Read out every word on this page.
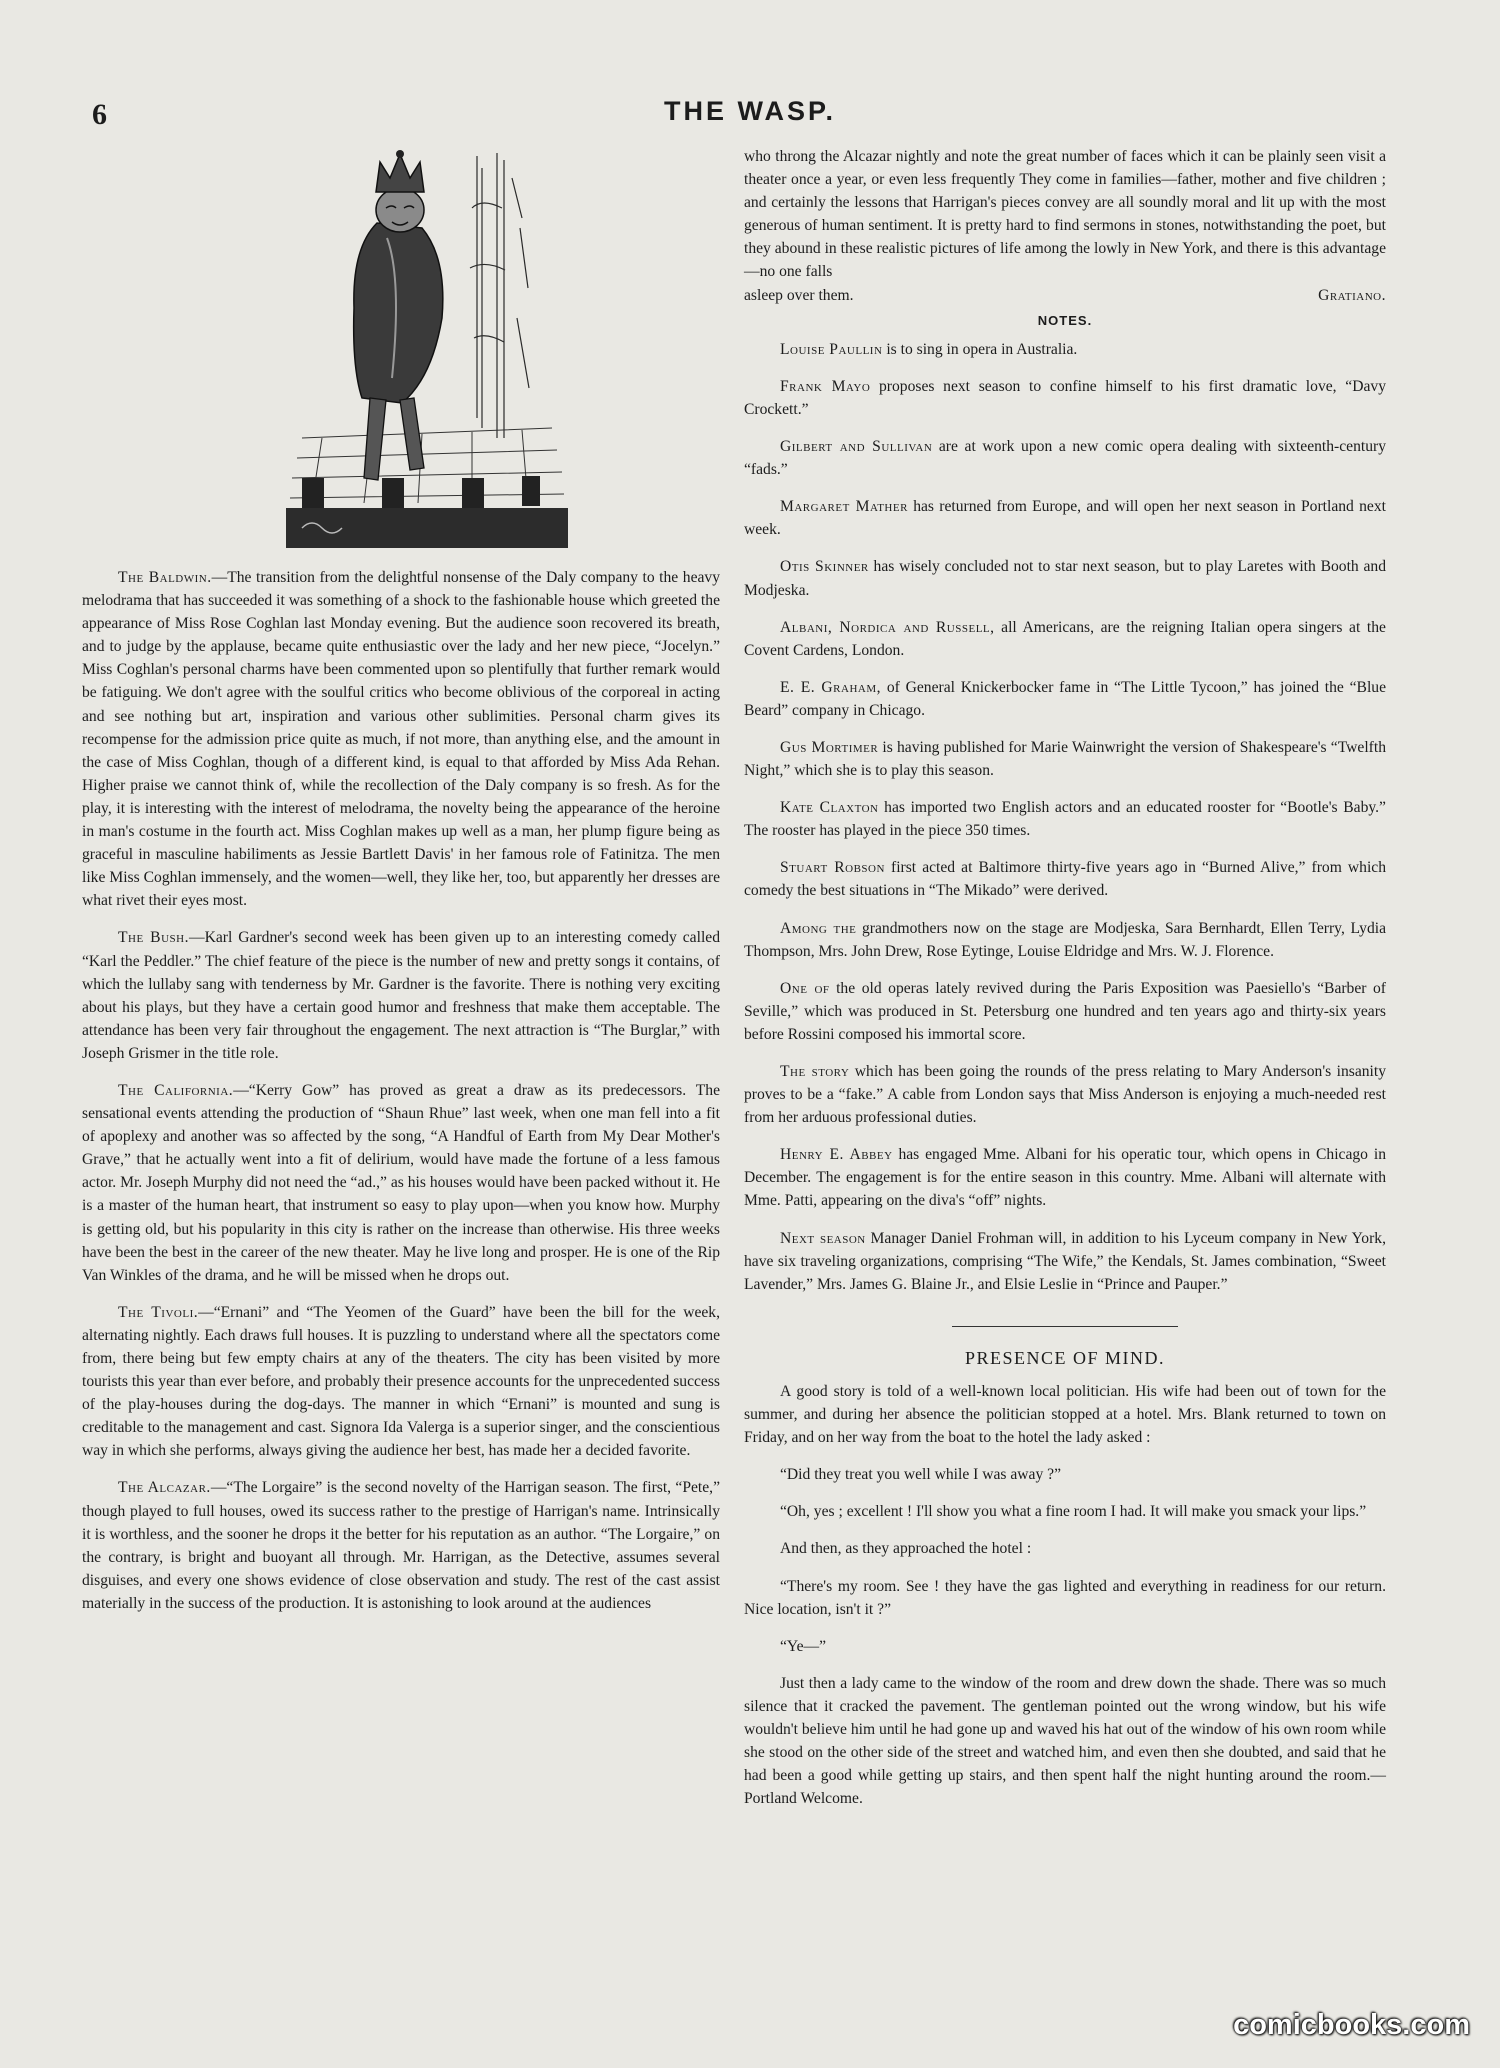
6	THE WASP.

The Baldwin.—The transition from the delightful nonsense of the Daly company to the heavy melodrama that has succeeded it was something of a shock to the fashionable house which greeted the appearance of Miss Rose Coghlan last Monday evening. But the audience soon recovered its breath, and to judge by the applause, became quite enthusiastic over the lady and her new piece, “Jocelyn.” Miss Coghlan's personal charms have been commented upon so plentifully that further remark would be fatiguing. We don't agree with the soulful critics who become oblivious of the corporeal in acting and see nothing but art, inspiration and various other sublimities. Personal charm gives its recompense for the admission price quite as much, if not more, than anything else, and the amount in the case of Miss Coghlan, though of a different kind, is equal to that afforded by Miss Ada Rehan. Higher praise we cannot think of, while the recollection of the Daly company is so fresh. As for the play, it is interesting with the interest of melodrama, the novelty being the appearance of the heroine in man's costume in the fourth act. Miss Coghlan makes up well as a man, her plump figure being as graceful in masculine habiliments as Jessie Bartlett Davis' in her famous role of Fatinitza. The men like Miss Coghlan immensely, and the women—well, they like her, too, but apparently her dresses are what rivet their eyes most.

The Bush.—Karl Gardner's second week has been given up to an interesting comedy called “Karl the Peddler.” The chief feature of the piece is the number of new and pretty songs it contains, of which the lullaby sang with tenderness by Mr. Gardner is the favorite. There is nothing very exciting about his plays, but they have a certain good humor and freshness that make them acceptable. The attendance has been very fair throughout the engagement. The next attraction is “The Burglar,” with Joseph Grismer in the title role.

The California.—“Kerry Gow” has proved as great a draw as its predecessors. The sensational events attending the production of “Shaun Rhue” last week, when one man fell into a fit of apoplexy and another was so affected by the song, “A Handful of Earth from My Dear Mother's Grave,” that he actually went into a fit of delirium, would have made the fortune of a less famous actor. Mr. Joseph Murphy did not need the “ad.,” as his houses would have been packed without it. He is a master of the human heart, that instrument so easy to play upon—when you know how. Murphy is getting old, but his popularity in this city is rather on the increase than otherwise. His three weeks have been the best in the career of the new theater. May he live long and prosper. He is one of the Rip Van Winkles of the drama, and he will be missed when he drops out.

The Tivoli.—“Ernani” and “The Yeomen of the Guard” have been the bill for the week, alternating nightly. Each draws full houses. It is puzzling to understand where all the spectators come from, there being but few empty chairs at any of the theaters. The city has been visited by more tourists this year than ever before, and probably their presence accounts for the unprecedented success of the play-houses during the dog-days. The manner in which “Ernani” is mounted and sung is creditable to the management and cast. Signora Ida Valerga is a superior singer, and the conscientious way in which she performs, always giving the audience her best, has made her a decided favorite.

The Alcazar.—“The Lorgaire” is the second novelty of the Harrigan season. The first, “Pete,” though played to full houses, owed its success rather to the prestige of Harrigan's name. Intrinsically it is worthless, and the sooner he drops it the better for his reputation as an author. “The Lorgaire,” on the contrary, is bright and buoyant all through. Mr. Harrigan, as the Detective, assumes several disguises, and every one shows evidence of close observation and study. The rest of the cast assist materially in the success of the production. It is astonishing to look around at the audiences

who throng the Alcazar nightly and note the great number of faces which it can be plainly seen visit a theater once a year, or even less frequently They come in families—father, mother and five children ; and certainly the lessons that Harrigan's pieces convey are all soundly moral and lit up with the most generous of human sentiment. It is pretty hard to find sermons in stones, notwithstanding the poet, but they abound in these realistic pictures of life among the lowly in New York, and there is this advantage—no one falls

asleep over them.	Gratiano.
NOTES.

Louise Paullin is to sing in opera in Australia.

Frank Mayo proposes next season to confine himself to his first dramatic love, “Davy Crockett.”

Gilbert and Sullivan are at work upon a new comic opera dealing with sixteenth-century “fads.”

Margaret Mather has returned from Europe, and will open her next season in Portland next week.

Otis Skinner has wisely concluded not to star next season, but to play Laretes with Booth and Modjeska.

Albani, Nordica and Russell, all Americans, are the reigning Italian opera singers at the Covent Cardens, London.

E. E. Graham, of General Knickerbocker fame in “The Little Tycoon,” has joined the “Blue Beard” company in Chicago.

Gus Mortimer is having published for Marie Wainwright the version of Shakespeare's “Twelfth Night,” which she is to play this season.

Kate Claxton has imported two English actors and an educated rooster for “Bootle's Baby.” The rooster has played in the piece 350 times.

Stuart Robson first acted at Baltimore thirty-five years ago in “Burned Alive,” from which comedy the best situations in “The Mikado” were derived.

Among the grandmothers now on the stage are Modjeska, Sara Bernhardt, Ellen Terry, Lydia Thompson, Mrs. John Drew, Rose Eytinge, Louise Eldridge and Mrs. W. J. Florence.

One of the old operas lately revived during the Paris Exposition was Paesiello's “Barber of Seville,” which was produced in St. Petersburg one hundred and ten years ago and thirty-six years before Rossini composed his immortal score.

The story which has been going the rounds of the press relating to Mary Anderson's insanity proves to be a “fake.” A cable from London says that Miss Anderson is enjoying a much-needed rest from her arduous professional duties.

Henry E. Abbey has engaged Mme. Albani for his operatic tour, which opens in Chicago in December. The engagement is for the entire season in this country. Mme. Albani will alternate with Mme. Patti, appearing on the diva's “off” nights.

Next season Manager Daniel Frohman will, in addition to his Lyceum company in New York, have six traveling organizations, comprising “The Wife,” the Kendals, St. James combination, “Sweet Lavender,” Mrs. James G. Blaine Jr., and Elsie Leslie in “Prince and Pauper.”

PRESENCE OF MIND.

A good story is told of a well-known local politician. His wife had been out of town for the summer, and during her absence the politician stopped at a hotel. Mrs. Blank returned to town on Friday, and on her way from the boat to the hotel the lady asked :

“Did they treat you well while I was away ?”

“Oh, yes ; excellent ! I'll show you what a fine room I had. It will make you smack your lips.”

And then, as they approached the hotel :

“There's my room. See ! they have the gas lighted and everything in readiness for our return. Nice location, isn't it ?”

“Ye—”

Just then a lady came to the window of the room and drew down the shade. There was so much silence that it cracked the pavement. The gentleman pointed out the wrong window, but his wife wouldn't believe him until he had gone up and waved his hat out of the window of his own room while she stood on the other side of the street and watched him, and even then she doubted, and said that he had been a good while getting up stairs, and then spent half the night hunting around the room.—Portland Welcome.

comicbooks.com
